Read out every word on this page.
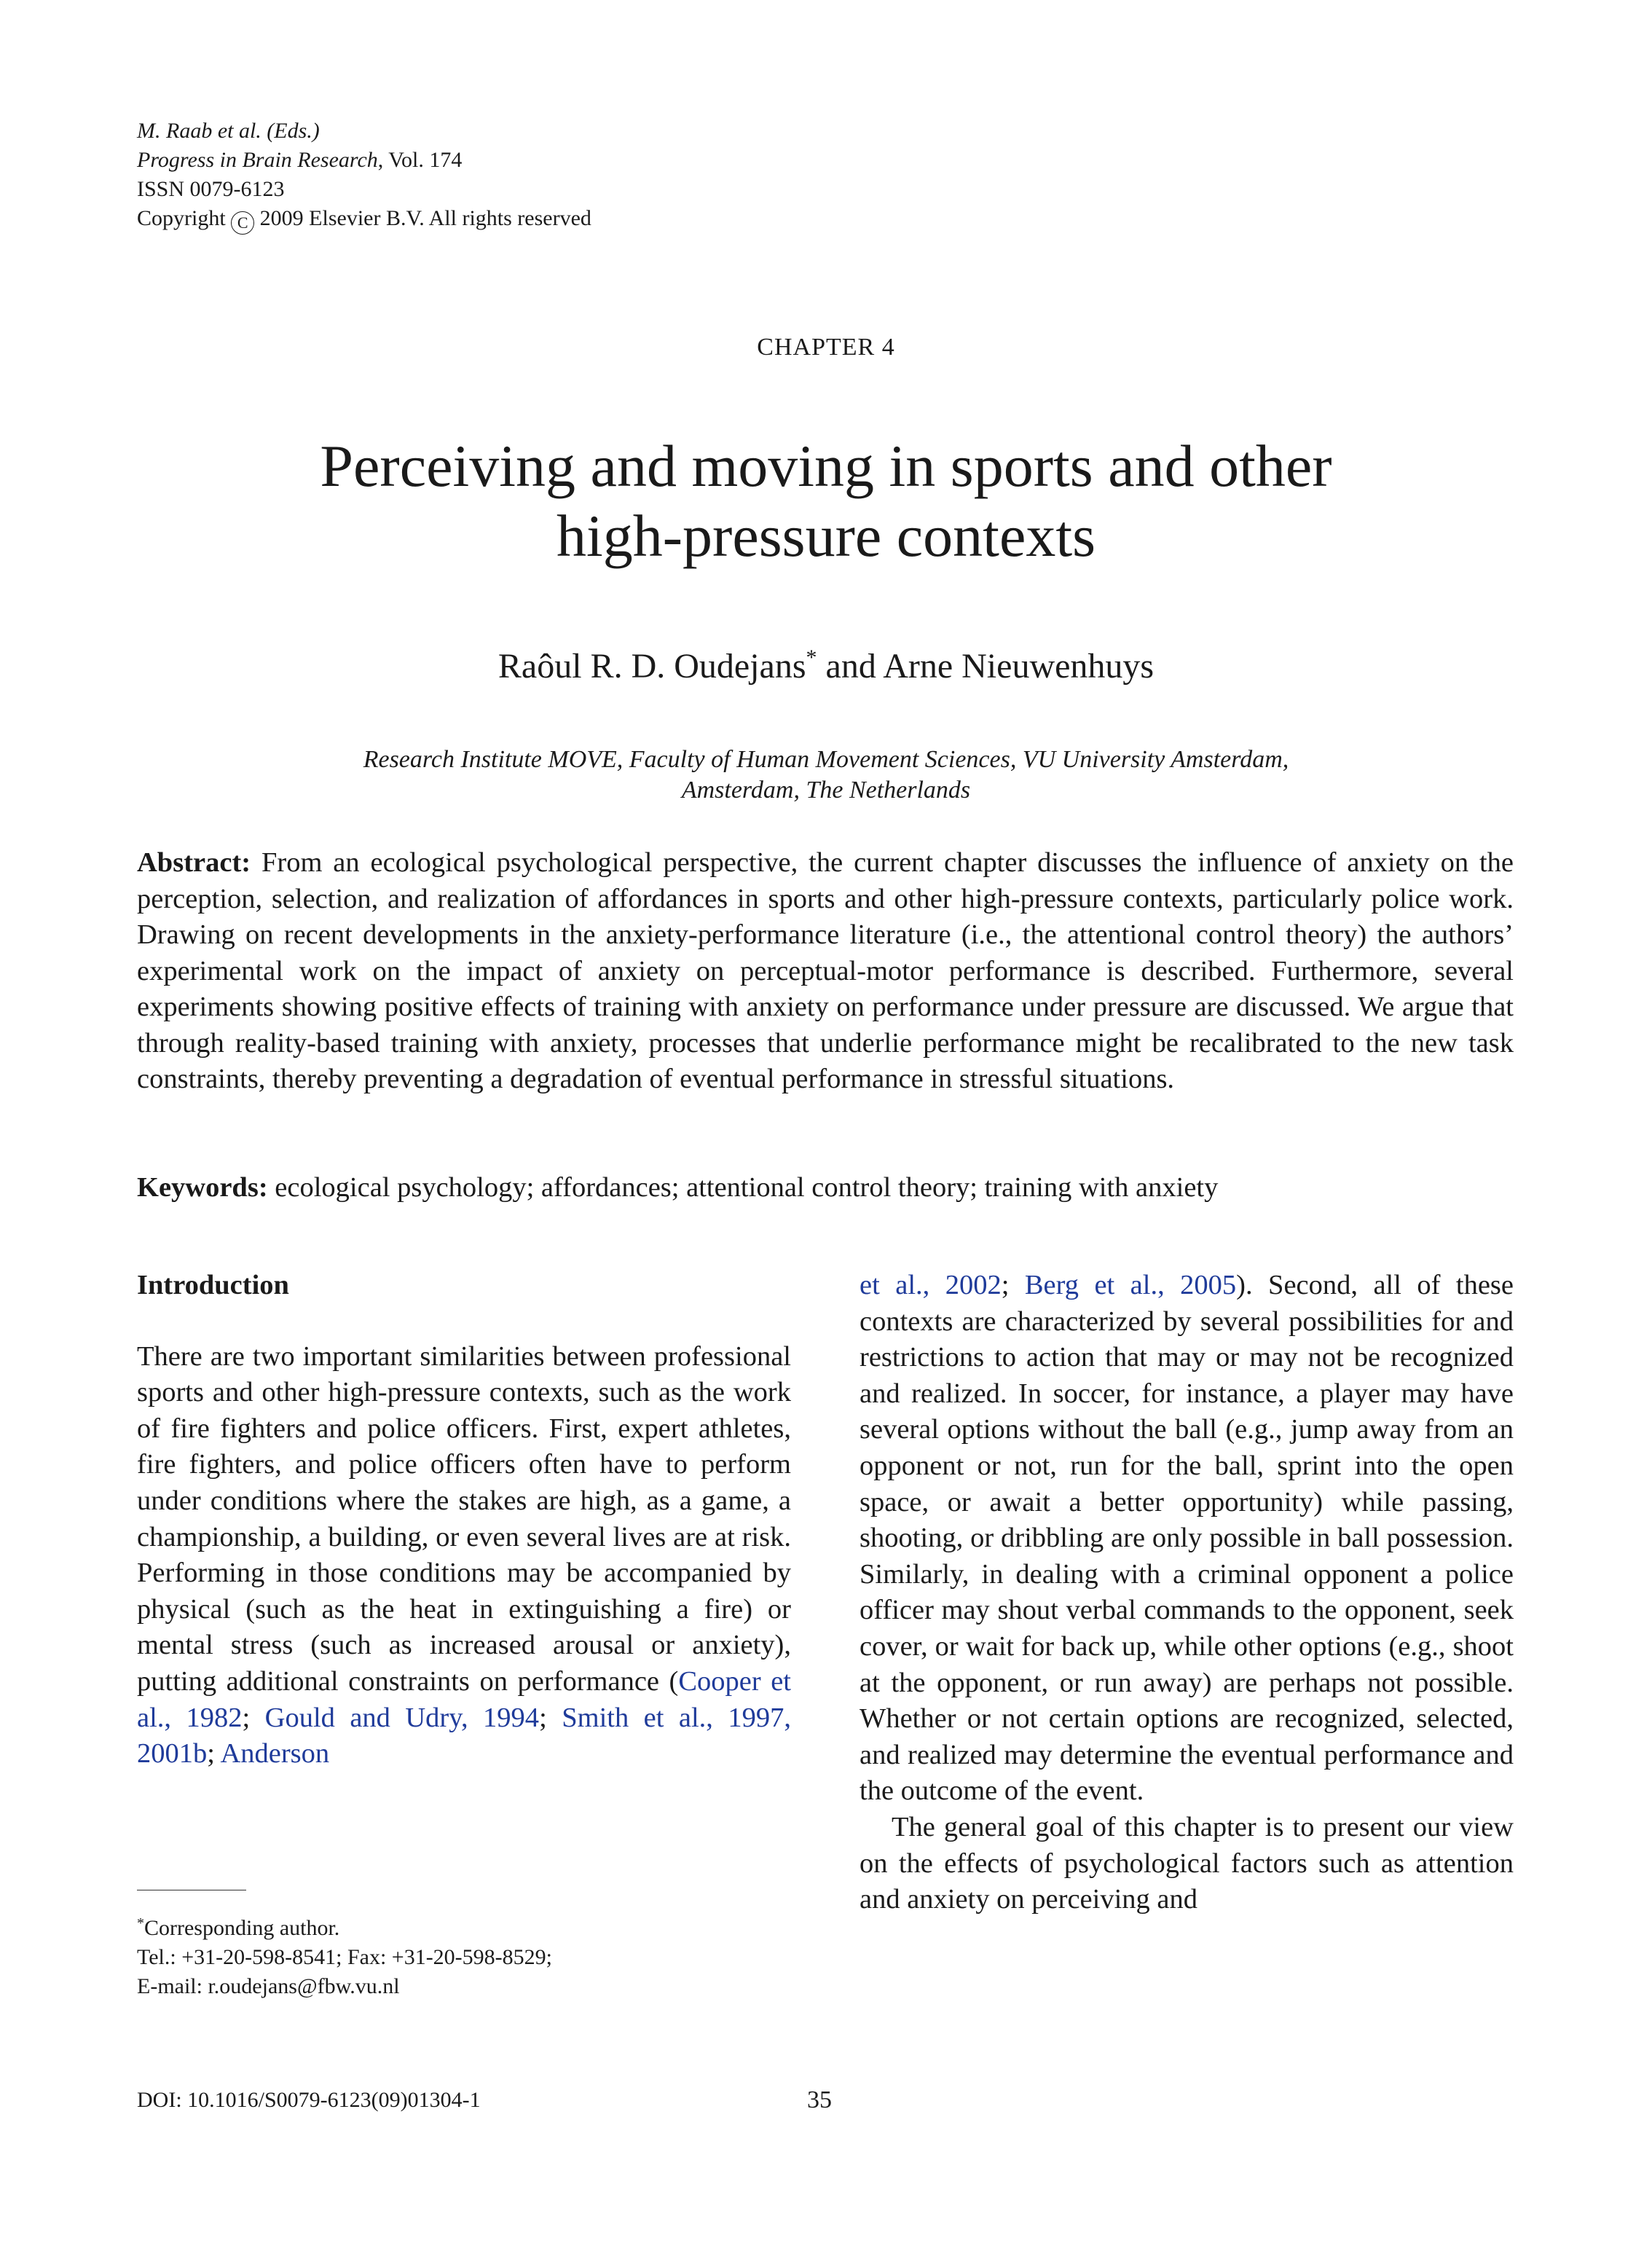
M. Raab et al. (Eds.)
Progress in Brain Research, Vol. 174
ISSN 0079-6123
Copyright C 2009 Elsevier B.V. All rights reserved
CHAPTER 4
Perceiving and moving in sports and other
high-pressure contexts
Raôul R. D. Oudejans* and Arne Nieuwenhuys
Research Institute MOVE, Faculty of Human Movement Sciences, VU University Amsterdam,
Amsterdam, The Netherlands
Abstract: From an ecological psychological perspective, the current chapter discusses the influence of anxiety on the perception, selection, and realization of affordances in sports and other high-pressure contexts, particularly police work. Drawing on recent developments in the anxiety-performance literature (i.e., the attentional control theory) the authors’ experimental work on the impact of anxiety on perceptual-motor performance is described. Furthermore, several experiments showing positive effects of training with anxiety on performance under pressure are discussed. We argue that through reality-based training with anxiety, processes that underlie performance might be recalibrated to the new task constraints, thereby preventing a degradation of eventual performance in stressful situations.
Keywords: ecological psychology; affordances; attentional control theory; training with anxiety
Introduction
There are two important similarities between professional sports and other high-pressure contexts, such as the work of fire fighters and police officers. First, expert athletes, fire fighters, and police officers often have to perform under conditions where the stakes are high, as a game, a championship, a building, or even several lives are at risk. Performing in those conditions may be accompanied by physical (such as the heat in extinguishing a fire) or mental stress (such as increased arousal or anxiety), putting additional constraints on performance (Cooper et al., 1982; Gould and Udry, 1994; Smith et al., 1997, 2001b; Anderson
et al., 2002; Berg et al., 2005). Second, all of these contexts are characterized by several possibilities for and restrictions to action that may or may not be recognized and realized. In soccer, for instance, a player may have several options without the ball (e.g., jump away from an opponent or not, run for the ball, sprint into the open space, or await a better opportunity) while passing, shooting, or dribbling are only possible in ball possession. Similarly, in dealing with a criminal opponent a police officer may shout verbal commands to the opponent, seek cover, or wait for back up, while other options (e.g., shoot at the opponent, or run away) are perhaps not possible. Whether or not certain options are recognized, selected, and realized may determine the eventual performance and the outcome of the event.
The general goal of this chapter is to present our view on the effects of psychological factors such as attention and anxiety on perceiving and
*Corresponding author.
Tel.: +31-20-598-8541; Fax: +31-20-598-8529;
E-mail: r.oudejans@fbw.vu.nl
DOI: 10.1016/S0079-6123(09)01304-1	35
